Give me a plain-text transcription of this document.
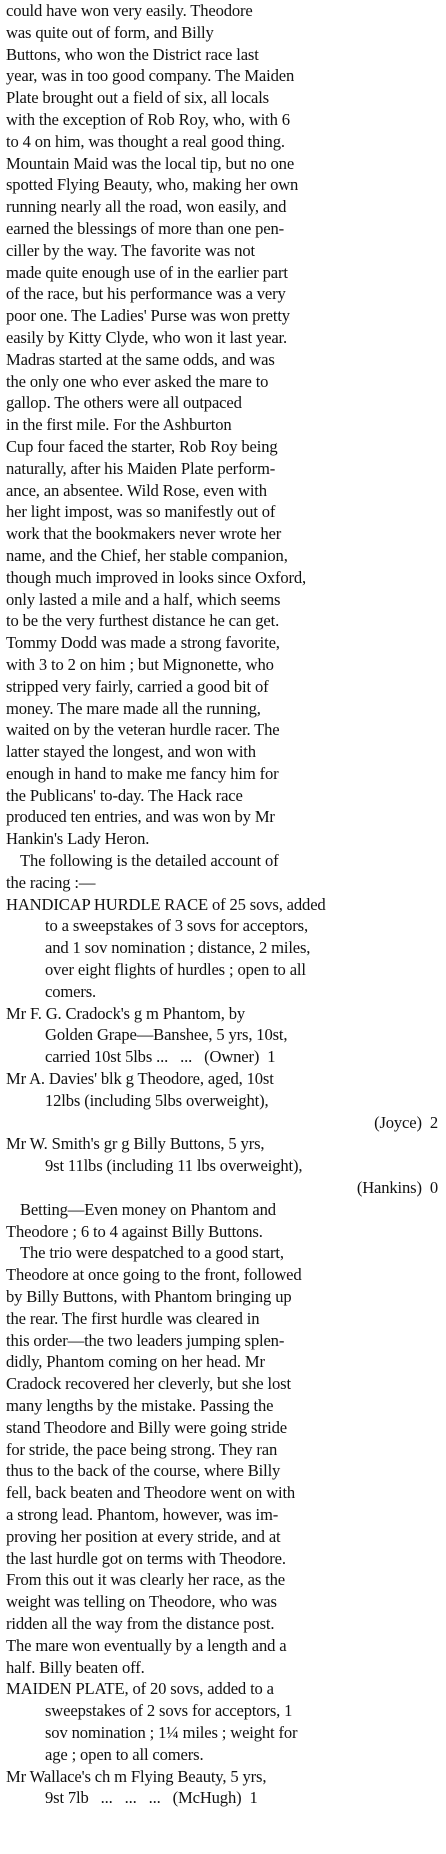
could have won very easily. Theodore
was quite out of form, and Billy
Buttons, who won the District race last
year, was in too good company. The Maiden
Plate brought out a field of six, all locals
with the exception of Rob Roy, who, with 6
to 4 on him, was thought a real good thing.
Mountain Maid was the local tip, but no one
spotted Flying Beauty, who, making her own
running nearly all the road, won easily, and
earned the blessings of more than one pen-
ciller by the way. The favorite was not
made quite enough use of in the earlier part
of the race, but his performance was a very
poor one. The Ladies' Purse was won pretty
easily by Kitty Clyde, who won it last year.
Madras started at the same odds, and was
the only one who ever asked the mare to
gallop. The others were all outpaced
in the first mile. For the Ashburton
Cup four faced the starter, Rob Roy being
naturally, after his Maiden Plate perform-
ance, an absentee. Wild Rose, even with
her light impost, was so manifestly out of
work that the bookmakers never wrote her
name, and the Chief, her stable companion,
though much improved in looks since Oxford,
only lasted a mile and a half, which seems
to be the very furthest distance he can get.
Tommy Dodd was made a strong favorite,
with 3 to 2 on him ; but Mignonette, who
stripped very fairly, carried a good bit of
money. The mare made all the running,
waited on by the veteran hurdle racer. The
latter stayed the longest, and won with
enough in hand to make me fancy him for
the Publicans' to-day. The Hack race
produced ten entries, and was won by Mr
Hankin's Lady Heron.
The following is the detailed account of
the racing :—
HANDICAP HURDLE RACE of 25 sovs, added
to a sweepstakes of 3 sovs for acceptors,
and 1 sov nomination ; distance, 2 miles,
over eight flights of hurdles ; open to all
comers.
Mr F. G. Cradock's g m Phantom, by
Golden Grape—Banshee, 5 yrs, 10st,
carried 10st 5lbs ...   ...   (Owner)  1
Mr A. Davies' blk g Theodore, aged, 10st
12lbs (including 5lbs overweight),
(Joyce)  2
Mr W. Smith's gr g Billy Buttons, 5 yrs,
9st 11lbs (including 11 lbs overweight),
(Hankins)  0
Betting—Even money on Phantom and
Theodore ; 6 to 4 against Billy Buttons.
The trio were despatched to a good start,
Theodore at once going to the front, followed
by Billy Buttons, with Phantom bringing up
the rear. The first hurdle was cleared in
this order—the two leaders jumping splen-
didly, Phantom coming on her head. Mr
Cradock recovered her cleverly, but she lost
many lengths by the mistake. Passing the
stand Theodore and Billy were going stride
for stride, the pace being strong. They ran
thus to the back of the course, where Billy
fell, back beaten and Theodore went on with
a strong lead. Phantom, however, was im-
proving her position at every stride, and at
the last hurdle got on terms with Theodore.
From this out it was clearly her race, as the
weight was telling on Theodore, who was
ridden all the way from the distance post.
The mare won eventually by a length and a
half. Billy beaten off.
MAIDEN PLATE, of 20 sovs, added to a
sweepstakes of 2 sovs for acceptors, 1
sov nomination ; 1¼ miles ; weight for
age ; open to all comers.
Mr Wallace's ch m Flying Beauty, 5 yrs,
9st 7lb   ...   ...   ...   (McHugh)  1
